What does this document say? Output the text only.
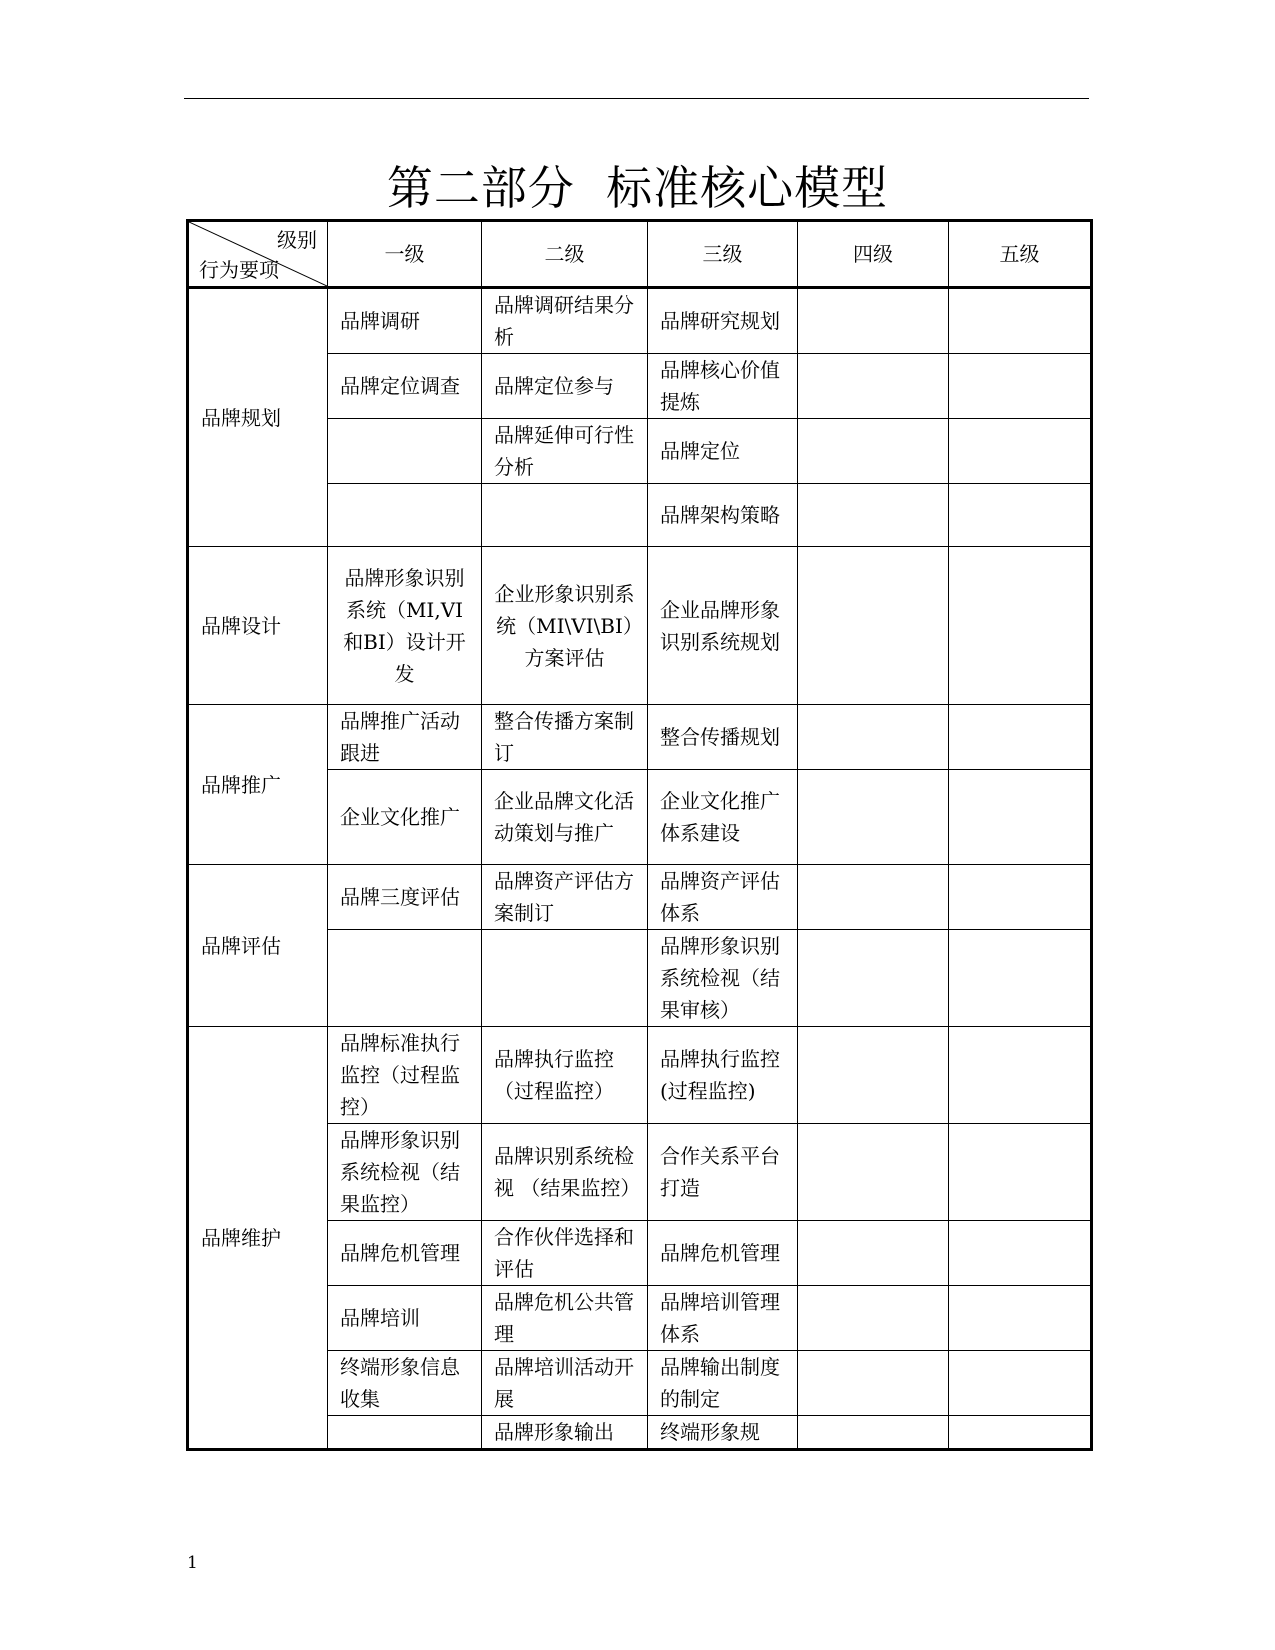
第二部分  标准核心模型
级别
行为要项	一级	二级	三级	四级	五级
品牌规划	品牌调研	品牌调研结果分析	品牌研究规划		
	品牌定位调查	品牌定位参与	品牌核心价值提炼		
		品牌延伸可行性分析	品牌定位		
			品牌架构策略		
品牌设计	品牌形象识别系统（MI,VI和BI）设计开发	企业形象识别系统（MI\VI\BI）方案评估	企业品牌形象识别系统规划		
品牌推广	品牌推广活动跟进	整合传播方案制订	整合传播规划		
	企业文化推广	企业品牌文化活动策划与推广	企业文化推广体系建设		
品牌评估	品牌三度评估	品牌资产评估方案制订	品牌资产评估体系		
			品牌形象识别系统检视（结果审核）		
品牌维护	品牌标准执行监控（过程监控）	品牌执行监控（过程监控）	品牌执行监控(过程监控)		
	品牌形象识别系统检视（结果监控）	品牌识别系统检视 （结果监控）	合作关系平台打造		
	品牌危机管理	合作伙伴选择和评估	品牌危机管理		
	品牌培训	品牌危机公共管理	品牌培训管理体系		
	终端形象信息收集	品牌培训活动开展	品牌输出制度的制定		
		品牌形象输出	终端形象规		
1
